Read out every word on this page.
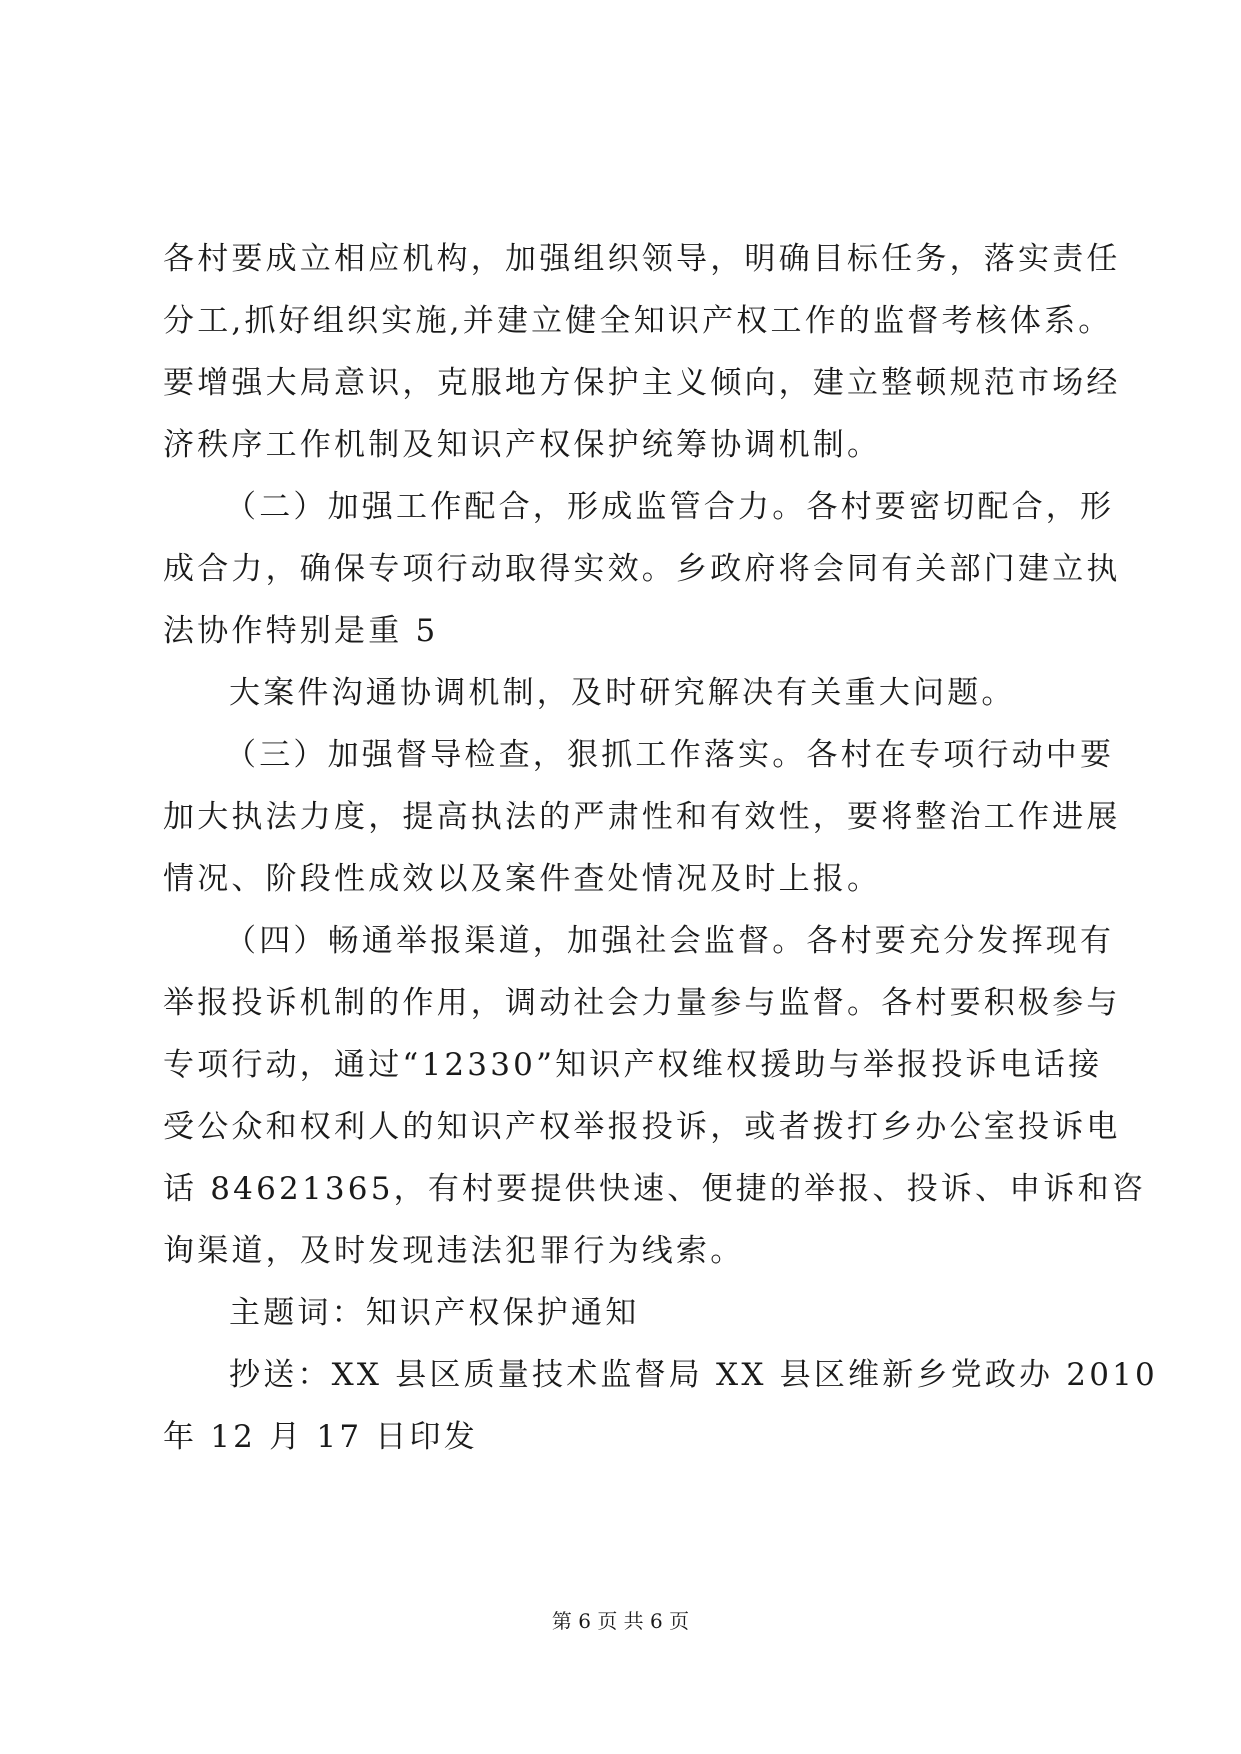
各村要成立相应机构，加强组织领导，明确目标任务，落实责任
分工,抓好组织实施,并建立健全知识产权工作的监督考核体系。
要增强大局意识，克服地方保护主义倾向，建立整顿规范市场经
济秩序工作机制及知识产权保护统筹协调机制。
（二）加强工作配合，形成监管合力。各村要密切配合，形
成合力，确保专项行动取得实效。乡政府将会同有关部门建立执
法协作特别是重 5
大案件沟通协调机制，及时研究解决有关重大问题。
（三）加强督导检查，狠抓工作落实。各村在专项行动中要
加大执法力度，提高执法的严肃性和有效性，要将整治工作进展
情况、阶段性成效以及案件查处情况及时上报。
（四）畅通举报渠道，加强社会监督。各村要充分发挥现有
举报投诉机制的作用，调动社会力量参与监督。各村要积极参与
专项行动，通过“12330”知识产权维权援助与举报投诉电话接
受公众和权利人的知识产权举报投诉，或者拨打乡办公室投诉电
话 84621365，有村要提供快速、便捷的举报、投诉、申诉和咨
询渠道，及时发现违法犯罪行为线索。
主题词：知识产权保护通知
抄送：XX 县区质量技术监督局 XX 县区维新乡党政办 2010
年 12 月 17 日印发
第 6 页 共 6 页
